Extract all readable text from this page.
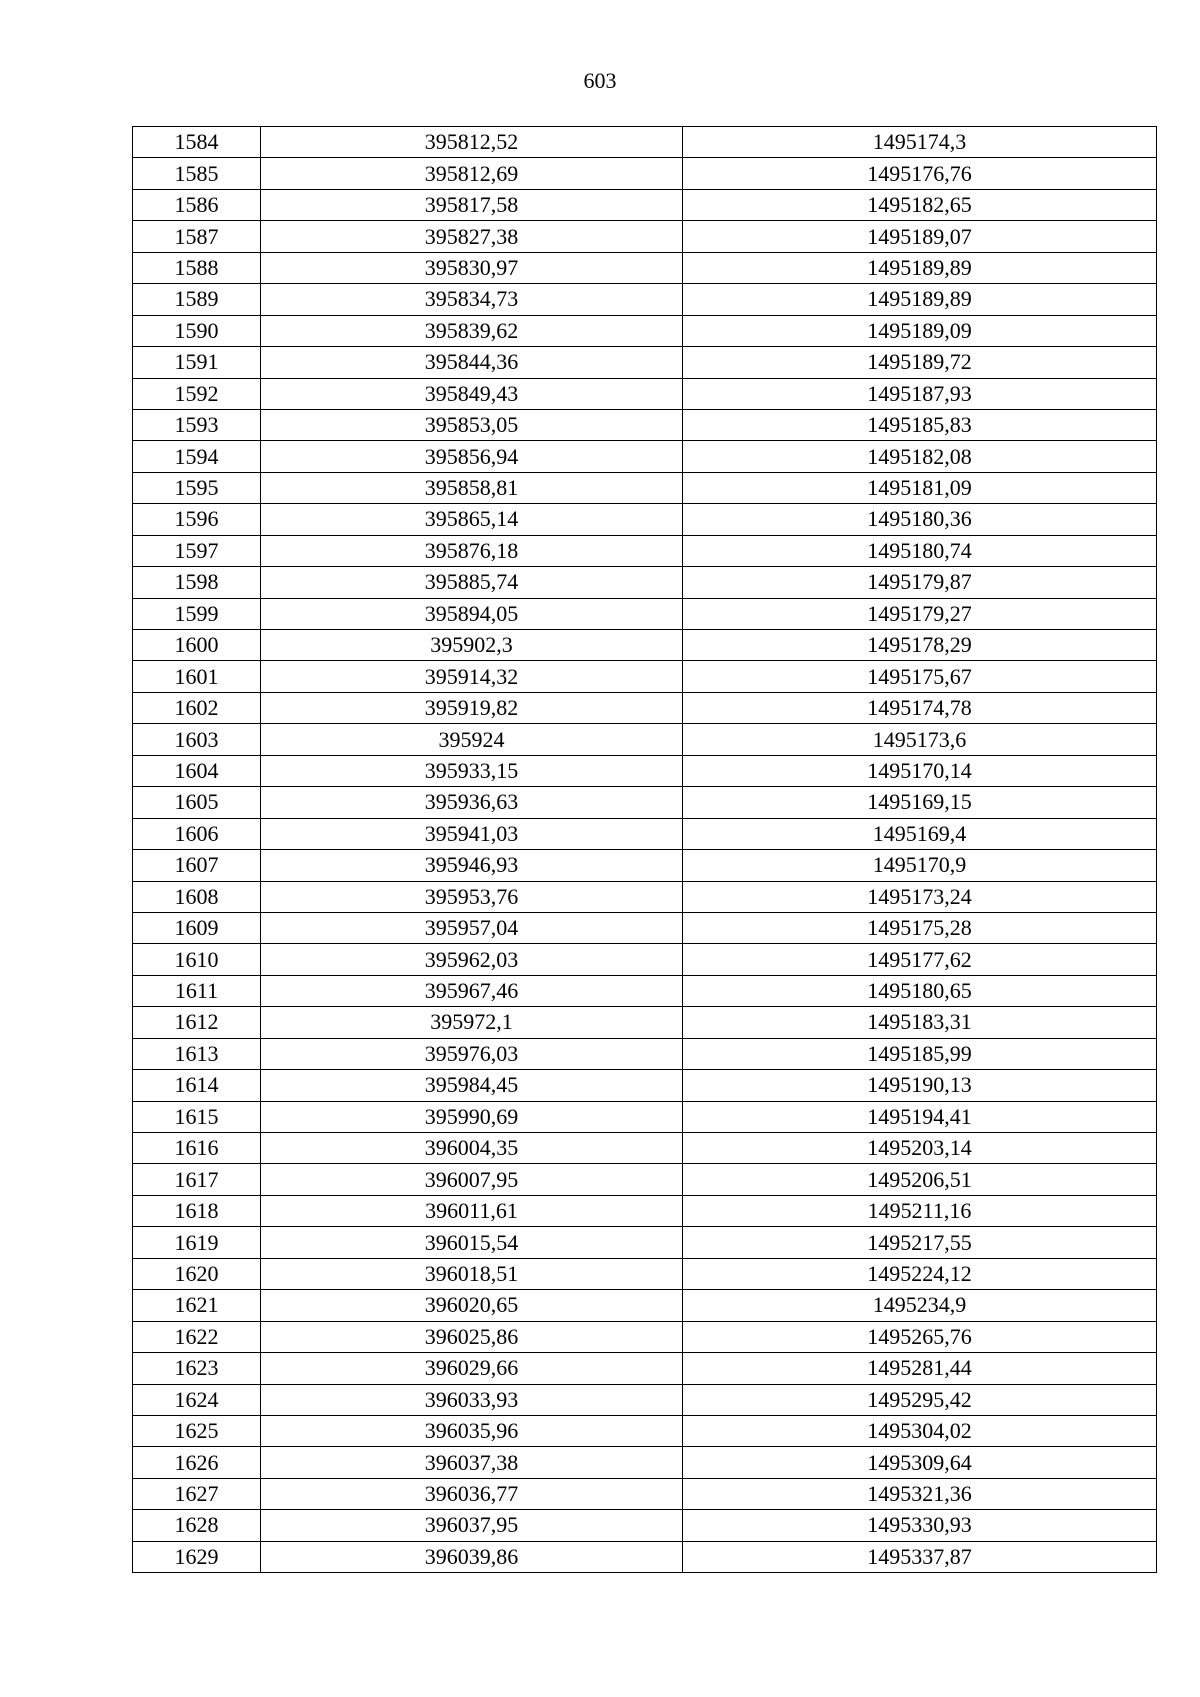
603
1584	395812,52	1495174,3
1585	395812,69	1495176,76
1586	395817,58	1495182,65
1587	395827,38	1495189,07
1588	395830,97	1495189,89
1589	395834,73	1495189,89
1590	395839,62	1495189,09
1591	395844,36	1495189,72
1592	395849,43	1495187,93
1593	395853,05	1495185,83
1594	395856,94	1495182,08
1595	395858,81	1495181,09
1596	395865,14	1495180,36
1597	395876,18	1495180,74
1598	395885,74	1495179,87
1599	395894,05	1495179,27
1600	395902,3	1495178,29
1601	395914,32	1495175,67
1602	395919,82	1495174,78
1603	395924	1495173,6
1604	395933,15	1495170,14
1605	395936,63	1495169,15
1606	395941,03	1495169,4
1607	395946,93	1495170,9
1608	395953,76	1495173,24
1609	395957,04	1495175,28
1610	395962,03	1495177,62
1611	395967,46	1495180,65
1612	395972,1	1495183,31
1613	395976,03	1495185,99
1614	395984,45	1495190,13
1615	395990,69	1495194,41
1616	396004,35	1495203,14
1617	396007,95	1495206,51
1618	396011,61	1495211,16
1619	396015,54	1495217,55
1620	396018,51	1495224,12
1621	396020,65	1495234,9
1622	396025,86	1495265,76
1623	396029,66	1495281,44
1624	396033,93	1495295,42
1625	396035,96	1495304,02
1626	396037,38	1495309,64
1627	396036,77	1495321,36
1628	396037,95	1495330,93
1629	396039,86	1495337,87
